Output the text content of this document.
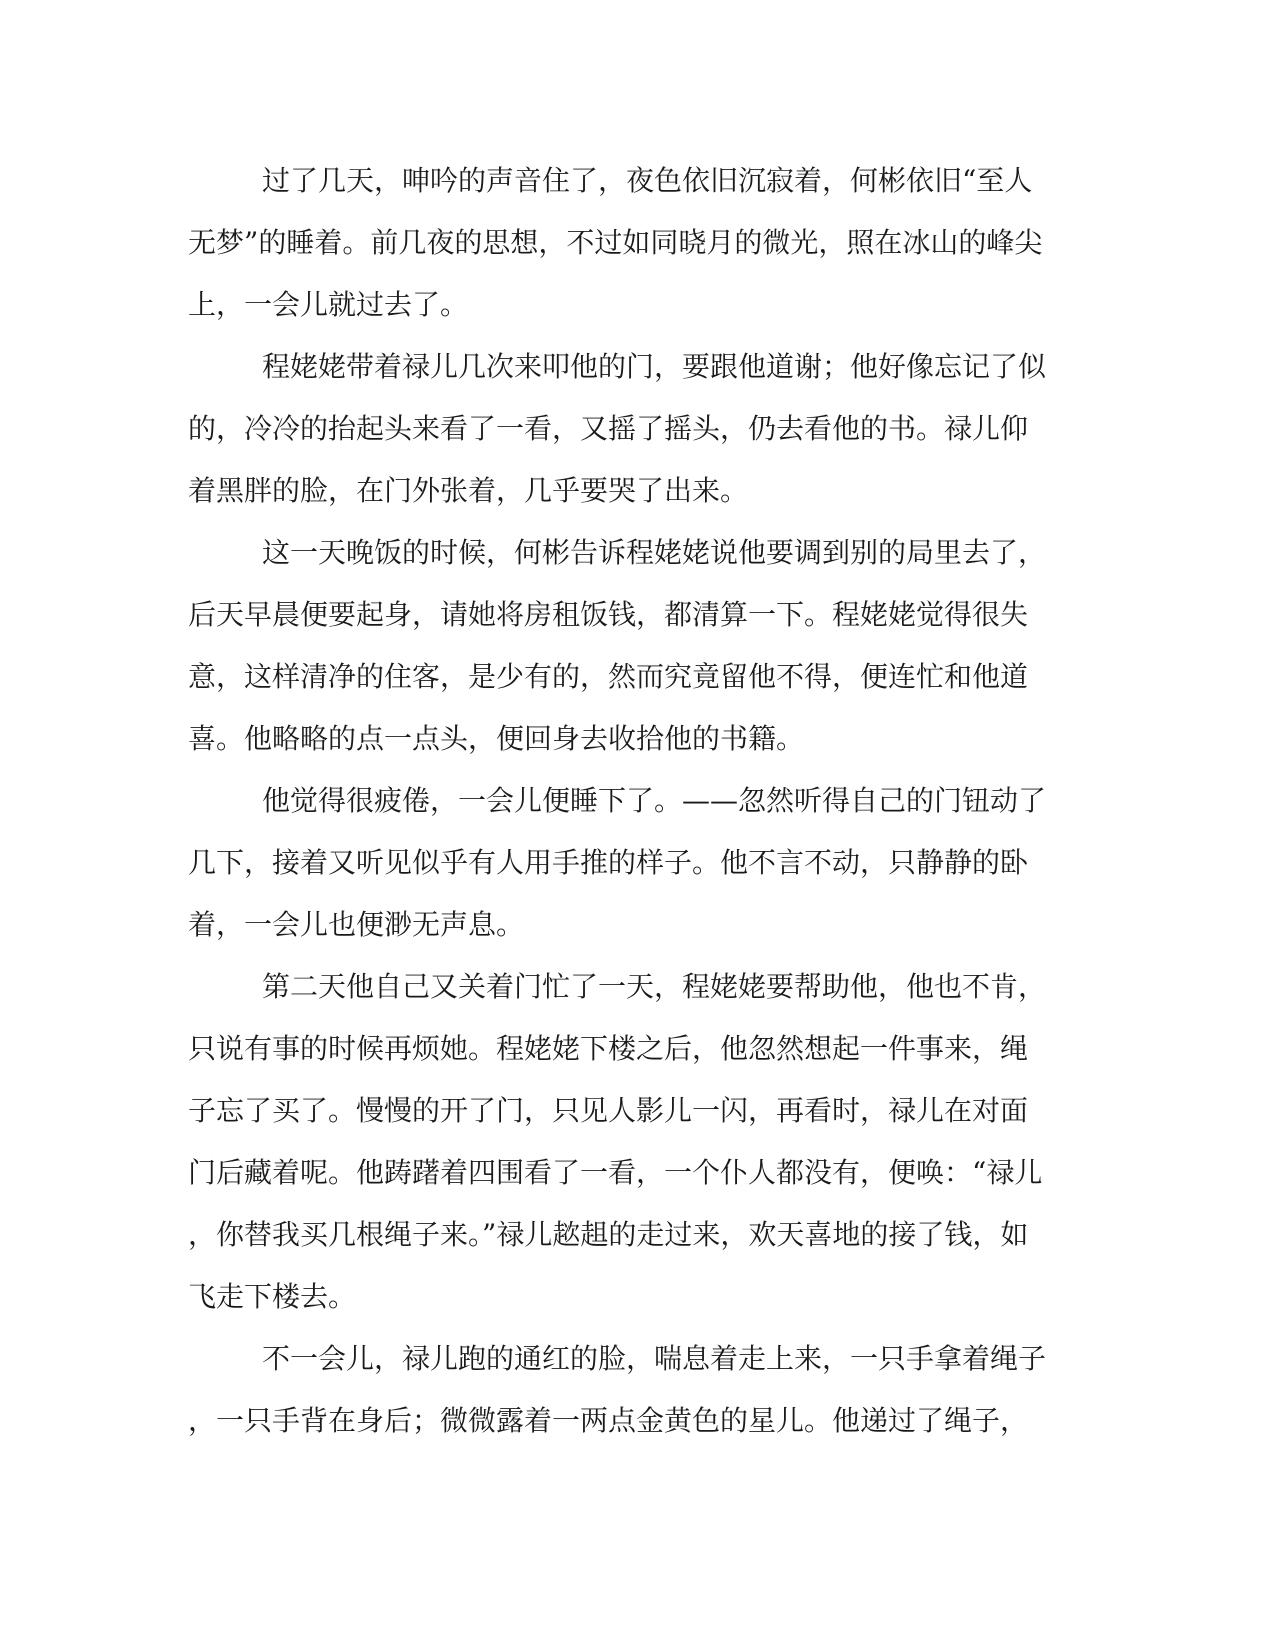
过了几天，呻吟的声音住了，夜色依旧沉寂着，何彬依旧“至人
无梦”的睡着。前几夜的思想，不过如同晓月的微光，照在冰山的峰尖
上，一会儿就过去了。

程姥姥带着禄儿几次来叩他的门，要跟他道谢；他好像忘记了似
的，冷冷的抬起头来看了一看，又摇了摇头，仍去看他的书。禄儿仰
着黑胖的脸，在门外张着，几乎要哭了出来。

这一天晚饭的时候，何彬告诉程姥姥说他要调到别的局里去了，
后天早晨便要起身，请她将房租饭钱，都清算一下。程姥姥觉得很失
意，这样清净的住客，是少有的，然而究竟留他不得，便连忙和他道
喜。他略略的点一点头，便回身去收拾他的书籍。

他觉得很疲倦，一会儿便睡下了。——忽然听得自己的门钮动了
几下，接着又听见似乎有人用手推的样子。他不言不动，只静静的卧
着，一会儿也便渺无声息。

第二天他自己又关着门忙了一天，程姥姥要帮助他，他也不肯，
只说有事的时候再烦她。程姥姥下楼之后，他忽然想起一件事来，绳
子忘了买了。慢慢的开了门，只见人影儿一闪，再看时，禄儿在对面
门后藏着呢。他踌躇着四围看了一看，一个仆人都没有，便唤：“禄儿
，你替我买几根绳子来。”禄儿趑趄的走过来，欢天喜地的接了钱，如
飞走下楼去。

不一会儿，禄儿跑的通红的脸，喘息着走上来，一只手拿着绳子
，一只手背在身后；微微露着一两点金黄色的星儿。他递过了绳子，
